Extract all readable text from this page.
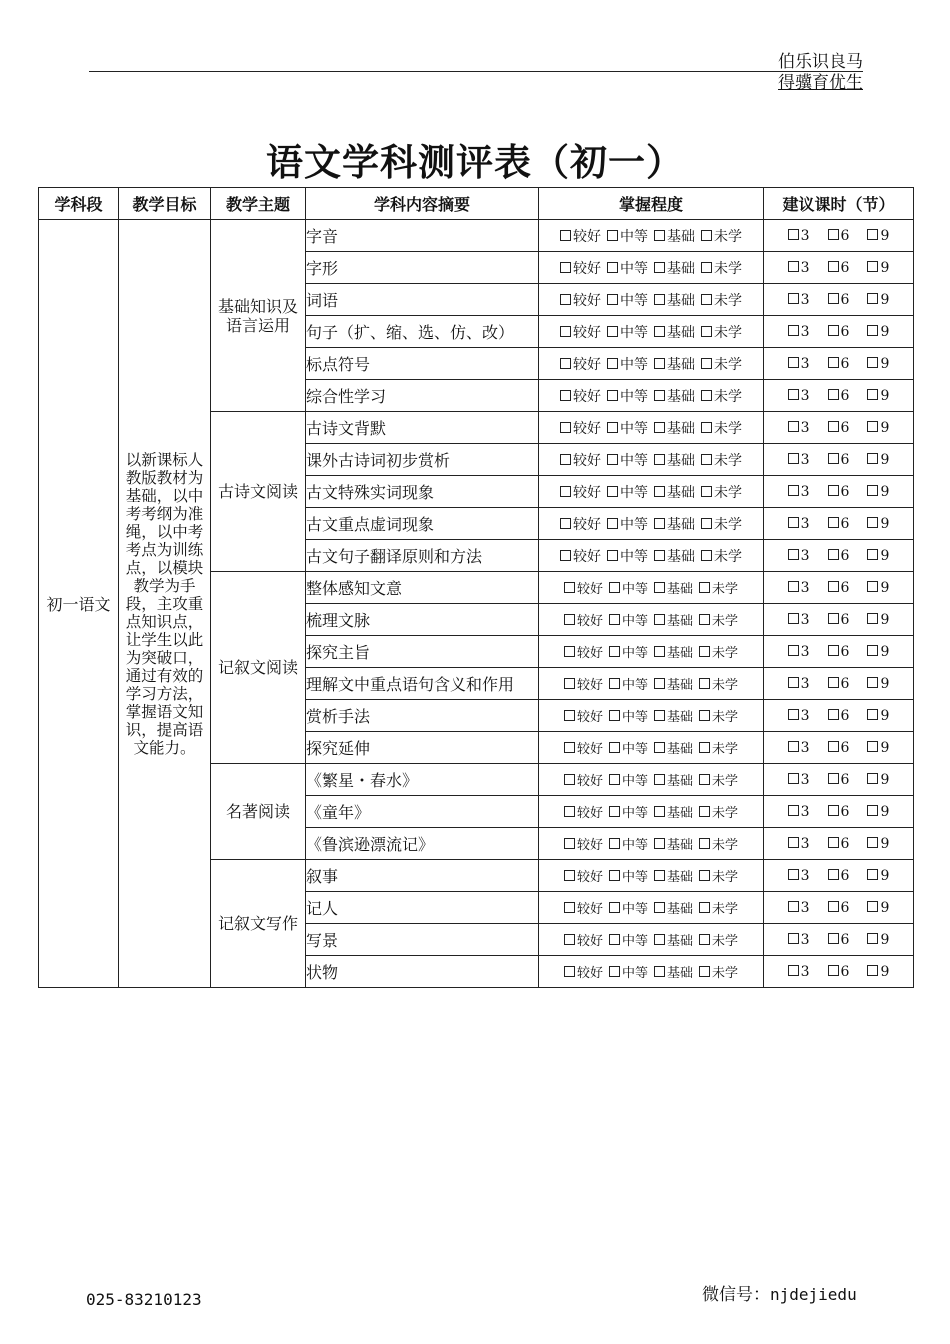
伯乐识良马
得骥育优生
语文学科测评表（初一）
学科段	教学目标	教学主题	学科内容摘要	掌握程度	建议课时（节）
初一语文	以新课标人教版教材为基础，以中考考纲为准绳，以中考考点为训练点，以模块教学为手段，主攻重点知识点，让学生以此为突破口，通过有效的学习方法，掌握语文知识，提高语文能力。	基础知识及语言运用	字音	较好 中等 基础 未学	3 6 9
			字形	较好 中等 基础 未学	3 6 9
			词语	较好 中等 基础 未学	3 6 9
			句子（扩、缩、选、仿、改）	较好 中等 基础 未学	3 6 9
			标点符号	较好 中等 基础 未学	3 6 9
			综合性学习	较好 中等 基础 未学	3 6 9
		古诗文阅读	古诗文背默	较好 中等 基础 未学	3 6 9
			课外古诗词初步赏析	较好 中等 基础 未学	3 6 9
			古文特殊实词现象	较好 中等 基础 未学	3 6 9
			古文重点虚词现象	较好 中等 基础 未学	3 6 9
			古文句子翻译原则和方法	较好 中等 基础 未学	3 6 9
		记叙文阅读	整体感知文意	较好 中等 基础 未学	3 6 9
			梳理文脉	较好 中等 基础 未学	3 6 9
			探究主旨	较好 中等 基础 未学	3 6 9
			理解文中重点语句含义和作用	较好 中等 基础 未学	3 6 9
			赏析手法	较好 中等 基础 未学	3 6 9
			探究延伸	较好 中等 基础 未学	3 6 9
		名著阅读	《繁星・春水》	较好 中等 基础 未学	3 6 9
			《童年》	较好 中等 基础 未学	3 6 9
			《鲁滨逊漂流记》	较好 中等 基础 未学	3 6 9
		记叙文写作	叙事	较好 中等 基础 未学	3 6 9
			记人	较好 中等 基础 未学	3 6 9
			写景	较好 中等 基础 未学	3 6 9
			状物	较好 中等 基础 未学	3 6 9
025-83210123	微信号：njdejiedu
